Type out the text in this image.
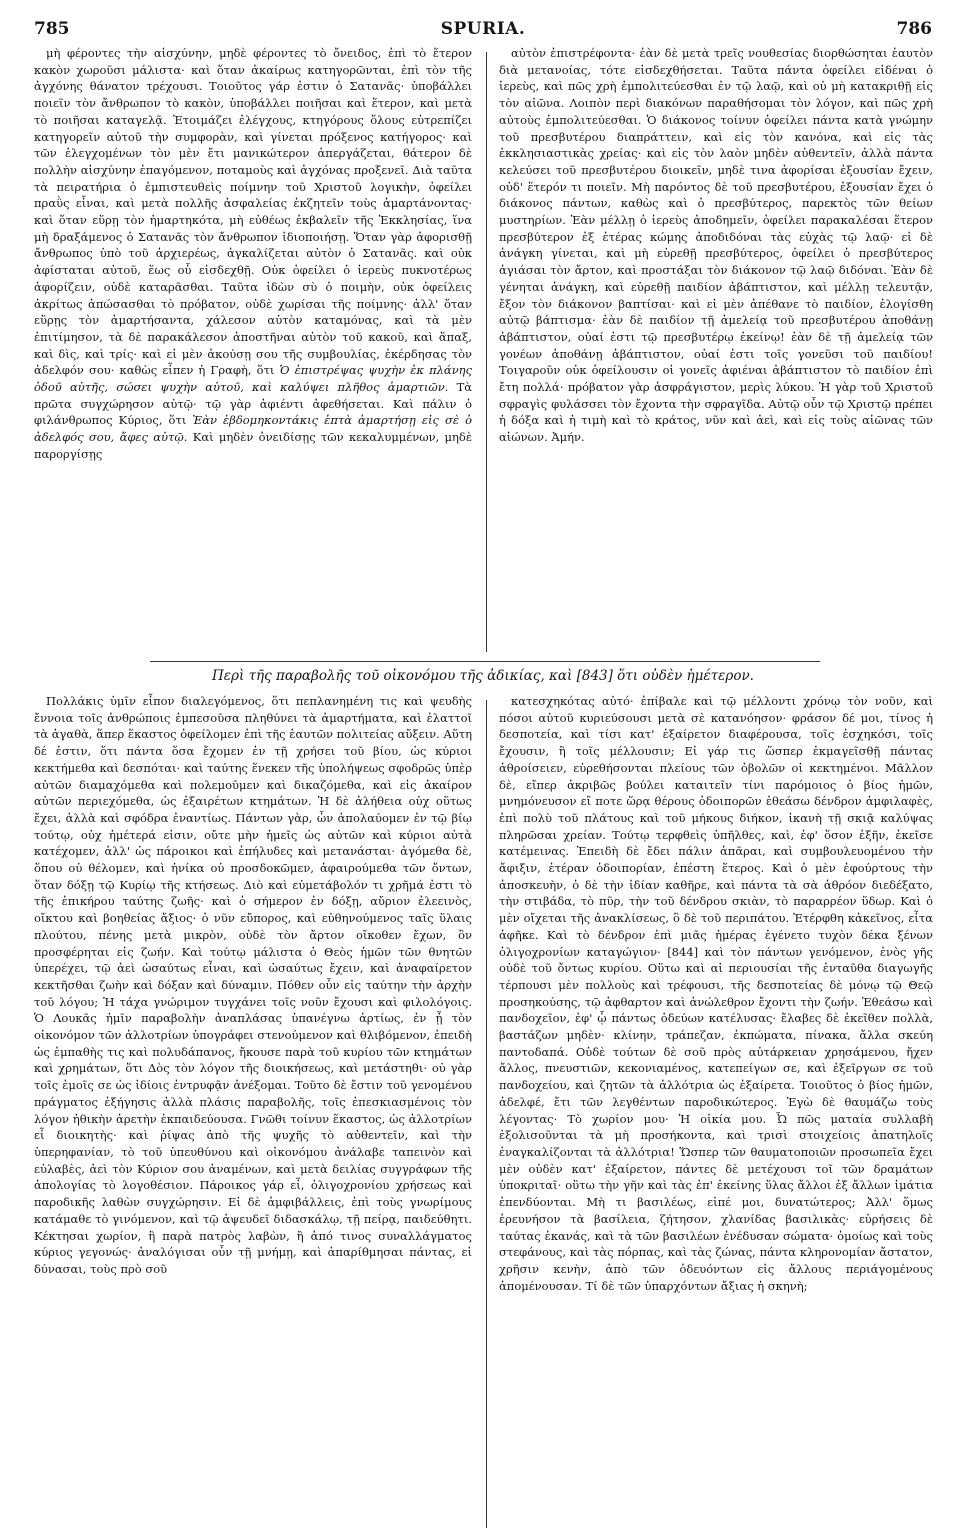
785	SPURIA.	786

μὴ φέροντες τὴν αἰσχύνην, μηδὲ φέροντες τὸ ὄνειδος, ἐπὶ τὸ ἕτερον κακὸν χωροῦσι μάλιστα· καὶ ὅταν ἀκαίρως κατηγορῶνται, ἐπὶ τὸν τῆς ἀγχόνης θάνατον τρέχουσι. Τοιοῦτος γάρ ἐστιν ὁ Σατανᾶς· ὑποβάλλει ποιεῖν τὸν ἄνθρωπον τὸ κακὸν, ὑποβάλλει ποιῆσαι καὶ ἕτερον, καὶ μετὰ τὸ ποιῆσαι καταγελᾷ. Ἑτοιμάζει ἐλέγχους, κτηγόρους ὅλους εὐτρεπίζει κατηγορεῖν αὐτοῦ τὴν συμφορὰν, καὶ γίνεται πρόξενος κατήγορος· καὶ τῶν ἐλεγχομένων τὸν μὲν ἔτι μανικώτερον ἀπεργάζεται, θάτερον δὲ πολλὴν αἰσχύνην ἐπαγόμενον, ποταμοὺς καὶ ἀγχόνας προξενεῖ. Διὰ ταῦτα τὰ πειρατήρια ὁ ἐμπιστευθεὶς ποίμνην τοῦ Χριστοῦ λογικὴν, ὀφείλει πραῢς εἶναι, καὶ μετὰ πολλῆς ἀσφαλείας ἐκζητεῖν τοὺς ἁμαρτάνοντας· καὶ ὅταν εὕρῃ τὸν ἡμαρτηκότα, μὴ εὐθέως ἐκβαλεῖν τῆς Ἐκκλησίας, ἵνα μὴ δραξάμενος ὁ Σατανᾶς τὸν ἄνθρωπον ἰδιοποιήσῃ. Ὅταν γὰρ ἀφορισθῇ ἄνθρωπος ὑπὸ τοῦ ἀρχιερέως, ἀγκαλίζεται αὐτὸν ὁ Σατανᾶς. καὶ οὐκ ἀφίσταται αὐτοῦ, ἕως οὗ εἰσδεχθῇ. Οὐκ ὀφείλει ὁ ἱερεὺς πυκνοτέρως ἀφορίζειν, οὐδὲ καταρᾶσθαι. Ταῦτα ἰδὼν σὺ ὁ ποιμὴν, οὐκ ὀφείλεις ἀκρίτως ἀπώσασθαι τὸ πρόβατον, οὐδὲ χωρίσαι τῆς ποίμνης· ἀλλ' ὅταν εὕρῃς τὸν ἁμαρτήσαντα, χάλεσον αὐτὸν καταμόνας, καὶ τὰ μὲν ἐπιτίμησον, τὰ δὲ παρακάλεσον ἀποστῆναι αὐτὸν τοῦ κακοῦ, καὶ ἅπαξ, καὶ δὶς, καὶ τρίς· καὶ εἰ μὲν ἀκούσῃ σου τῆς συμβουλίας, ἐκέρδησας τὸν ἀδελφόν σου· καθὼς εἶπεν ἡ Γραφὴ, ὅτι Ὁ ἐπιστρέψας ψυχὴν ἐκ πλάνης ὁδοῦ αὐτῆς, σώσει ψυχὴν αὐτοῦ, καὶ καλύψει πλῆθος ἁμαρτιῶν. Τὰ πρῶτα συγχώρησον αὐτῷ· τῷ γὰρ ἀφιέντι ἀφεθήσεται. Καὶ πάλιν ὁ φιλάνθρωπος Κύριος, ὅτι Ἐὰν ἑβδομηκοντάκις ἑπτὰ ἁμαρτήσῃ εἰς σὲ ὁ ἀδελφός σου, ἄφες αὐτῷ. Καὶ μηδὲν ὀνειδίσῃς τῶν κεκαλυμμένων, μηδὲ παροργίσῃς

αὐτὸν ἐπιστρέφοντα· ἐὰν δὲ μετὰ τρεῖς νουθεσίας διορθώσηται ἑαυτὸν διὰ μετανοίας, τότε εἰσδεχθήσεται. Ταῦτα πάντα ὀφείλει εἰδέναι ὁ ἱερεὺς, καὶ πῶς χρὴ ἐμπολιτεύεσθαι ἐν τῷ λαῷ, καὶ οὐ μὴ κατακριθῇ εἰς τὸν αἰῶνα. Λοιπὸν περὶ διακόνων παραθήσομαι τὸν λόγον, καὶ πῶς χρὴ αὐτοὺς ἐμπολιτεύεσθαι. Ὁ διάκονος τοίνυν ὀφείλει πάντα κατὰ γνώμην τοῦ πρεσβυτέρου διαπράττειν, καὶ εἰς τὸν κανόνα, καὶ εἰς τὰς ἐκκλησιαστικὰς χρείας· καὶ εἰς τὸν λαὸν μηδὲν αὐθεντεῖν, ἀλλὰ πάντα κελεύσει τοῦ πρεσβυτέρου διοικεῖν, μηδὲ τινα ἀφορίσαι ἐξουσίαν ἔχειν, οὐδ' ἕτερόν τι ποιεῖν. Μὴ παρόντος δὲ τοῦ πρεσβυτέρου, ἐξουσίαν ἔχει ὁ διάκονος πάντων, καθὼς καὶ ὁ πρεσβύτερος, παρεκτὸς τῶν θείων μυστηρίων. Ἐὰν μέλλῃ ὁ ἱερεὺς ἀποδημεῖν, ὀφείλει παρακαλέσαι ἕτερον πρεσβύτερον ἐξ ἑτέρας κώμης ἀποδιδόναι τὰς εὐχὰς τῷ λαῷ· εἰ δὲ ἀνάγκη γίνεται, καὶ μὴ εὑρεθῇ πρεσβύτερος, ὀφείλει ὁ πρεσβύτερος ἁγιάσαι τὸν ἄρτον, καὶ προστάξαι τὸν διάκονον τῷ λαῷ διδόναι. Ἐὰν δὲ γένηται ἀνάγκη, καὶ εὑρεθῇ παιδίον ἀβάπτιστον, καὶ μέλλῃ τελευτᾷν, ἔξον τὸν διάκονον βαπτίσαι· καὶ εἰ μὲν ἀπέθανε τὸ παιδίον, ἐλογίσθη αὐτῷ βάπτισμα· ἐὰν δὲ παιδίον τῇ ἀμελείᾳ τοῦ πρεσβυτέρου ἀποθάνῃ ἀβάπτιστον, οὐαί ἐστι τῷ πρεσβυτέρῳ ἐκείνῳ! ἐὰν δὲ τῇ ἀμελείᾳ τῶν γονέων ἀποθάνῃ ἀβάπτιστον, οὐαί ἐστι τοῖς γονεῦσι τοῦ παιδίου! Τοιγαροῦν οὐκ ὀφείλουσιν οἱ γονεῖς ἀφιέναι ἀβάπτιστον τὸ παιδίον ἐπὶ ἔτη πολλά· πρόβατον γὰρ ἀσφράγιστον, μερὶς λύκου. Ἡ γὰρ τοῦ Χριστοῦ σφραγὶς φυλάσσει τὸν ἔχοντα τὴν σφραγῖδα. Αὐτῷ οὖν τῷ Χριστῷ πρέπει ἡ δόξα καὶ ἡ τιμὴ καὶ τὸ κράτος, νῦν καὶ ἀεὶ, καὶ εἰς τοὺς αἰῶνας τῶν αἰώνων. Ἀμήν.

Περὶ τῆς παραβολῆς τοῦ οἰκονόμου τῆς ἀδικίας, καὶ [843] ὅτι οὐδὲν ἡμέτερον.

Πολλάκις ὑμῖν εἶπον διαλεγόμενος, ὅτι πεπλανημένη τις καὶ ψευδὴς ἔννοια τοῖς ἀνθρώποις ἐμπεσοῦσα πληθύνει τὰ ἁμαρτήματα, καὶ ἐλαττοῖ τὰ ἀγαθὰ, ἅπερ ἕκαστος ὀφείλομεν ἐπὶ τῆς ἑαυτῶν πολιτείας αὔξειν. Αὕτη δέ ἐστιν, ὅτι πάντα ὅσα ἔχομεν ἐν τῇ χρήσει τοῦ βίου, ὡς κύριοι κεκτήμεθα καὶ δεσπόται· καὶ ταύτης ἕνεκεν τῆς ὑπολήψεως σφοδρῶς ὑπὲρ αὐτῶν διαμαχόμεθα καὶ πολεμοῦμεν καὶ δικαζόμεθα, καὶ εἰς ἀκαίρον αὐτῶν περιεχόμεθα, ὡς ἐξαιρέτων κτημάτων. Ἡ δὲ ἀλήθεια οὐχ οὕτως ἔχει, ἀλλὰ καὶ σφόδρα ἐναντίως. Πάντων γὰρ, ὧν ἀπολαύομεν ἐν τῷ βίῳ τούτῳ, οὐχ ἡμέτερά εἰσιν, οὔτε μὴν ἡμεῖς ὡς αὐτῶν καὶ κύριοι αὐτὰ κατέχομεν, ἀλλ' ὡς πάροικοι καὶ ἐπήλυδες καὶ μετανάσται· ἀγόμεθα δὲ, ὅπου οὐ θέλομεν, καὶ ἡνίκα οὐ προσδοκῶμεν, ἀφαιρούμεθα τῶν ὄντων, ὅταν δόξῃ τῷ Κυρίῳ τῆς κτήσεως. Διὸ καὶ εὐμετάβολόν τι χρῆμά ἐστι τὸ τῆς ἐπικήρου ταύτης ζωῆς· καὶ ὁ σήμερον ἐν δόξῃ, αὔριον ἐλεεινὸς, οἴκτου καὶ βοηθείας ἄξιος· ὁ νῦν εὔπορος, καὶ εὐθηνούμενος ταῖς ὕλαις πλούτου, πένης μετὰ μικρὸν, οὐδὲ τὸν ἄρτον οἴκοθεν ἔχων, ὃν προσφέρηται εἰς ζωήν. Καὶ τούτῳ μάλιστα ὁ Θεὸς ἡμῶν τῶν θνητῶν ὑπερέχει, τῷ ἀεὶ ὡσαύτως εἶναι, καὶ ὡσαύτως ἔχειν, καὶ ἀναφαίρετον κεκτῆσθαι ζωὴν καὶ δόξαν καὶ δύναμιν. Πόθεν οὖν εἰς ταύτην τὴν ἀρχὴν τοῦ λόγου; Ἡ τάχα γνώριμον τυγχάνει τοῖς νοῦν ἔχουσι καὶ φιλολόγοις. Ὁ Λουκᾶς ἡμῖν παραβολὴν ἀναπλάσας ὑπανέγνω ἀρτίως, ἐν ᾗ τὸν οἰκονόμον τῶν ἀλλοτρίων ὑπογράφει στενούμενον καὶ θλιβόμενον, ἐπειδὴ ὡς ἐμπαθὴς τις καὶ πολυδάπανος, ἤκουσε παρὰ τοῦ κυρίου τῶν κτημάτων καὶ χρημάτων, ὅτι Δὸς τὸν λόγον τῆς διοικήσεως, καὶ μετάστηθι· οὐ γὰρ τοῖς ἐμοῖς σε ὡς ἰδίοις ἐντρυφᾷν ἀνέξομαι. Τοῦτο δὲ ἔστιν τοῦ γενομένου πράγματος ἐξήγησις ἀλλὰ πλάσις παραβολῆς, τοῖς ἐπεσκιασμένοις τὸν λόγον ἠθικὴν ἀρετὴν ἐκπαιδεύουσα. Γνῶθι τοίνυν ἕκαστος, ὡς ἀλλοτρίων εἶ διοικητὴς· καὶ ῥίψας ἀπὸ τῆς ψυχῆς τὸ αὐθεντεῖν, καὶ τὴν ὑπερηφανίαν, τὸ τοῦ ὑπευθύνου καὶ οἰκονόμου ἀνάλαβε ταπεινὸν καὶ εὐλαβὲς, ἀεὶ τὸν Κύριον σου ἀναμένων, καὶ μετὰ δειλίας συγγράφων τῆς ἀπολογίας τὸ λογοθέσιον. Πάροικος γάρ εἶ, ὀλιγοχρονίου χρήσεως καὶ παροδικῆς λαθὼν συγχώρησιν. Εἰ δὲ ἀμφιβάλλεις, ἐπὶ τοὺς γνωρίμους κατάμαθε τὸ γινόμενον, καὶ τῷ ἀψευδεῖ διδασκάλῳ, τῇ πείρᾳ, παιδεύθητι. Κέκτησαι χωρίον, ἢ παρὰ πατρὸς λαβὼν, ἢ ἀπό τινος συναλλάγματος κύριος γεγονώς· ἀναλόγισαι οὖν τῇ μνήμῃ, καὶ ἀπαρίθμησαι πάντας, εἰ δύνασαι, τοὺς πρὸ σοῦ

κατεσχηκότας αὐτό· ἐπίβαλε καὶ τῷ μέλλοντι χρόνῳ τὸν νοῦν, καὶ πόσοι αὐτοῦ κυριεύσουσι μετὰ σὲ κατανόησον· φράσον δέ μοι, τίνος ἡ δεσποτεία, καὶ τίσι κατ' ἐξαίρετον διαφέρουσα, τοῖς ἐσχηκόσι, τοῖς ἔχουσιν, ἢ τοῖς μέλλουσιν; Εἰ γάρ τις ὥσπερ ἐκμαγεῖσθῇ πάντας ἀθροίσειεν, εὑρεθήσονται πλείους τῶν ὀβολῶν οἱ κεκτημένοι. Μᾶλλον δὲ, εἴπερ ἀκριβῶς βούλει καταιτεῖν τίνι παρόμοιος ὁ βίος ἡμῶν, μνημόνευσον εἴ ποτε ὥρᾳ θέρους ὁδοιπορῶν ἐθεάσω δένδρον ἀμφιλαφὲς, ἐπὶ πολὺ τοῦ πλάτους καὶ τοῦ μήκους διήκον, ἱκανὴ τῇ σκιᾷ καλύψας πληρῶσαι χρείαν. Τούτῳ τερφθεὶς ὑπῆλθες, καὶ, ἐφ' ὅσον ἐξῆν, ἐκεῖσε κατέμεινας. Ἐπειδὴ δὲ ἔδει πάλιν ἀπᾶραι, καὶ συμβουλευομένου τὴν ἄφιξιν, ἑτέραν ὁδοιπορίαν, ἐπέστη ἕτερος. Καὶ ὁ μὲν ἐφούρτους τὴν ἀποσκευὴν, ὁ δὲ τὴν ἰδίαν καθῆρε, καὶ πάντα τὰ σὰ ἀθρόον διεδέξατο, τὴν στιβάδα, τὸ πῦρ, τὴν τοῦ δένδρου σκιὰν, τὸ παραρρέον ὕδωρ. Καὶ ὁ μὲν οἴχεται τῆς ἀνακλίσεως, ὃ δὲ τοῦ περιπάτου. Ἐτέρφθη κἀκεῖνος, εἶτα ἀφῆκε. Καὶ τὸ δένδρον ἐπὶ μιᾶς ἡμέρας ἐγένετο τυχὸν δέκα ξένων ὀλιγοχρονίων καταγώγιον· [844] καὶ τὸν πάντων γενόμενον, ἐνὸς γῆς οὐδὲ τοῦ ὄντως κυρίου. Οὕτω καὶ αἱ περιουσίαι τῆς ἐνταῦθα διαγωγῆς τέρπουσι μὲν πολλοὺς καὶ τρέφουσι, τῆς δεσποτείας δὲ μόνῳ τῷ Θεῷ προσηκούσης, τῷ ἀφθαρτον καὶ ἀνώλεθρον ἔχοντι τὴν ζωήν. Ἐθεάσω καὶ πανδοχεῖον, ἐφ' ᾧ πάντως ὁδεύων κατέλυσας· ἔλαβες δὲ ἐκεῖθεν πολλὰ, βαστάζων μηδὲν· κλίνην, τράπεζαν, ἐκπώματα, πίνακα, ἄλλα σκεύη παντοδαπά. Οὐδὲ τούτων δὲ σοῦ πρὸς αὐτάρκειαν χρησάμενου, ἤχεν ἄλλος, πνευστιῶν, κεκονιαμένος, κατεπείγων σε, καὶ ἐξεῖργων σε τοῦ πανδοχείου, καὶ ζητῶν τὰ ἀλλότρια ὡς ἐξαίρετα. Τοιοῦτος ὁ βίος ἡμῶν, ἀδελφέ, ἔτι τῶν λεγθέντων παροδικώτερος. Ἐγὼ δὲ θαυμάζω τοὺς λέγοντας· Τὸ χωρίον μου· Ἡ οἰκία μου. Ὦ πῶς ματαία συλλαβὴ ἐξολισοῦνται τὰ μὴ προσήκοντα, καὶ τρισὶ στοιχείοις ἀπατηλοῖς ἐναγκαλίζονται τὰ ἀλλότρια! Ὥσπερ τῶν θαυματοποιῶν προσωπεῖα ἔχει μὲν οὐδὲν κατ' ἐξαίρετον, πάντες δὲ μετέχουσι τοῖ τῶν δραμάτων ὑποκριταῖ· οὕτω τὴν γῆν καὶ τὰς ἐπ' ἐκείνης ὕλας ἄλλοι ἐξ ἄλλων ἱμάτια ἐπενδύονται. Μὴ τι βασιλέως, εἰπέ μοι, δυνατώτερος; Ἀλλ' ὅμως ἐρευνήσον τὰ βασίλεια, ζήτησον, χλανίδας βασιλικὰς· εὑρήσεις δὲ ταύτας ἐκανάς, καὶ τὰ τῶν βασιλέων ἐνέδυσαν σώματα· ὁμοίως καὶ τοὺς στεφάνους, καὶ τὰς πόρπας, καὶ τὰς ζώνας, πάντα κληρονομίαν ἄστατον, χρῆσιν κενὴν, ἀπὸ τῶν ὁδευόντων εἰς ἄλλους περιάγομένους ἀπομένουσαν. Τί δὲ τῶν ὑπαρχόντων ἄξιας ἡ σκηνὴ;
